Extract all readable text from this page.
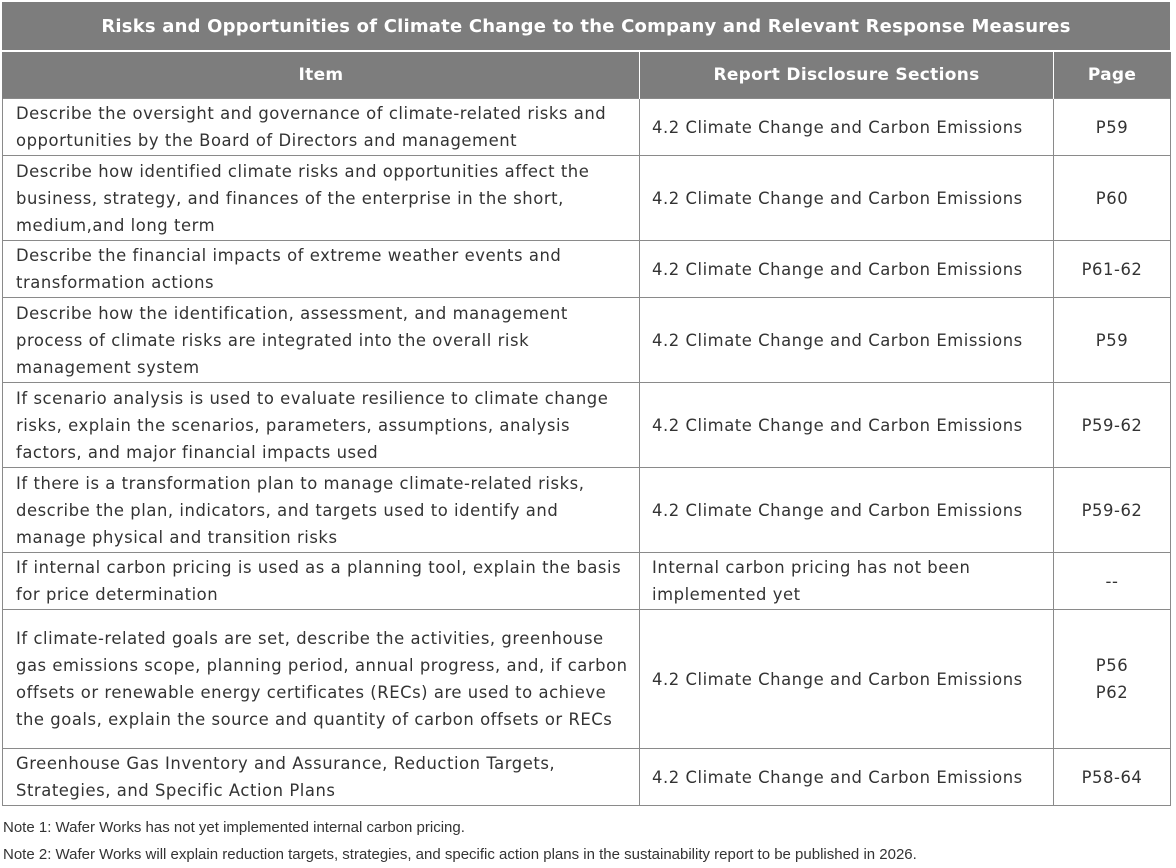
Risks and Opportunities of Climate Change to the Company and Relevant Response Measures
Item	Report Disclosure Sections	Page
Describe the oversight and governance of climate-related risks and opportunities by the Board of Directors and management	4.2 Climate Change and Carbon Emissions	P59

Describe how identified climate risks and opportunities affect the business, strategy, and finances of the enterprise in the short, medium,and long term	4.2 Climate Change and Carbon Emissions	P60

Describe the financial impacts of extreme weather events and transformation actions	4.2 Climate Change and Carbon Emissions	P61-62

Describe how the identification, assessment, and management process of climate risks are integrated into the overall risk management system	4.2 Climate Change and Carbon Emissions	P59

If scenario analysis is used to evaluate resilience to climate change risks, explain the scenarios, parameters, assumptions, analysis factors, and major financial impacts used	4.2 Climate Change and Carbon Emissions	P59-62

If there is a transformation plan to manage climate-related risks, describe the plan, indicators, and targets used to identify and manage physical and transition risks	4.2 Climate Change and Carbon Emissions	P59-62

If internal carbon pricing is used as a planning tool, explain the basis for price determination	Internal carbon pricing has not been implemented yet	--

If climate-related goals are set, describe the activities, greenhouse gas emissions scope, planning period, annual progress, and, if carbon offsets or renewable energy certificates (RECs) are used to achieve the goals, explain the source and quantity of carbon offsets or RECs	4.2 Climate Change and Carbon Emissions	P56
P62

Greenhouse Gas Inventory and Assurance, Reduction Targets, Strategies, and Specific Action Plans	4.2 Climate Change and Carbon Emissions	P58-64
Note 1: Wafer Works has not yet implemented internal carbon pricing.
Note 2: Wafer Works will explain reduction targets, strategies, and specific action plans in the sustainability report to be published in 2026.
